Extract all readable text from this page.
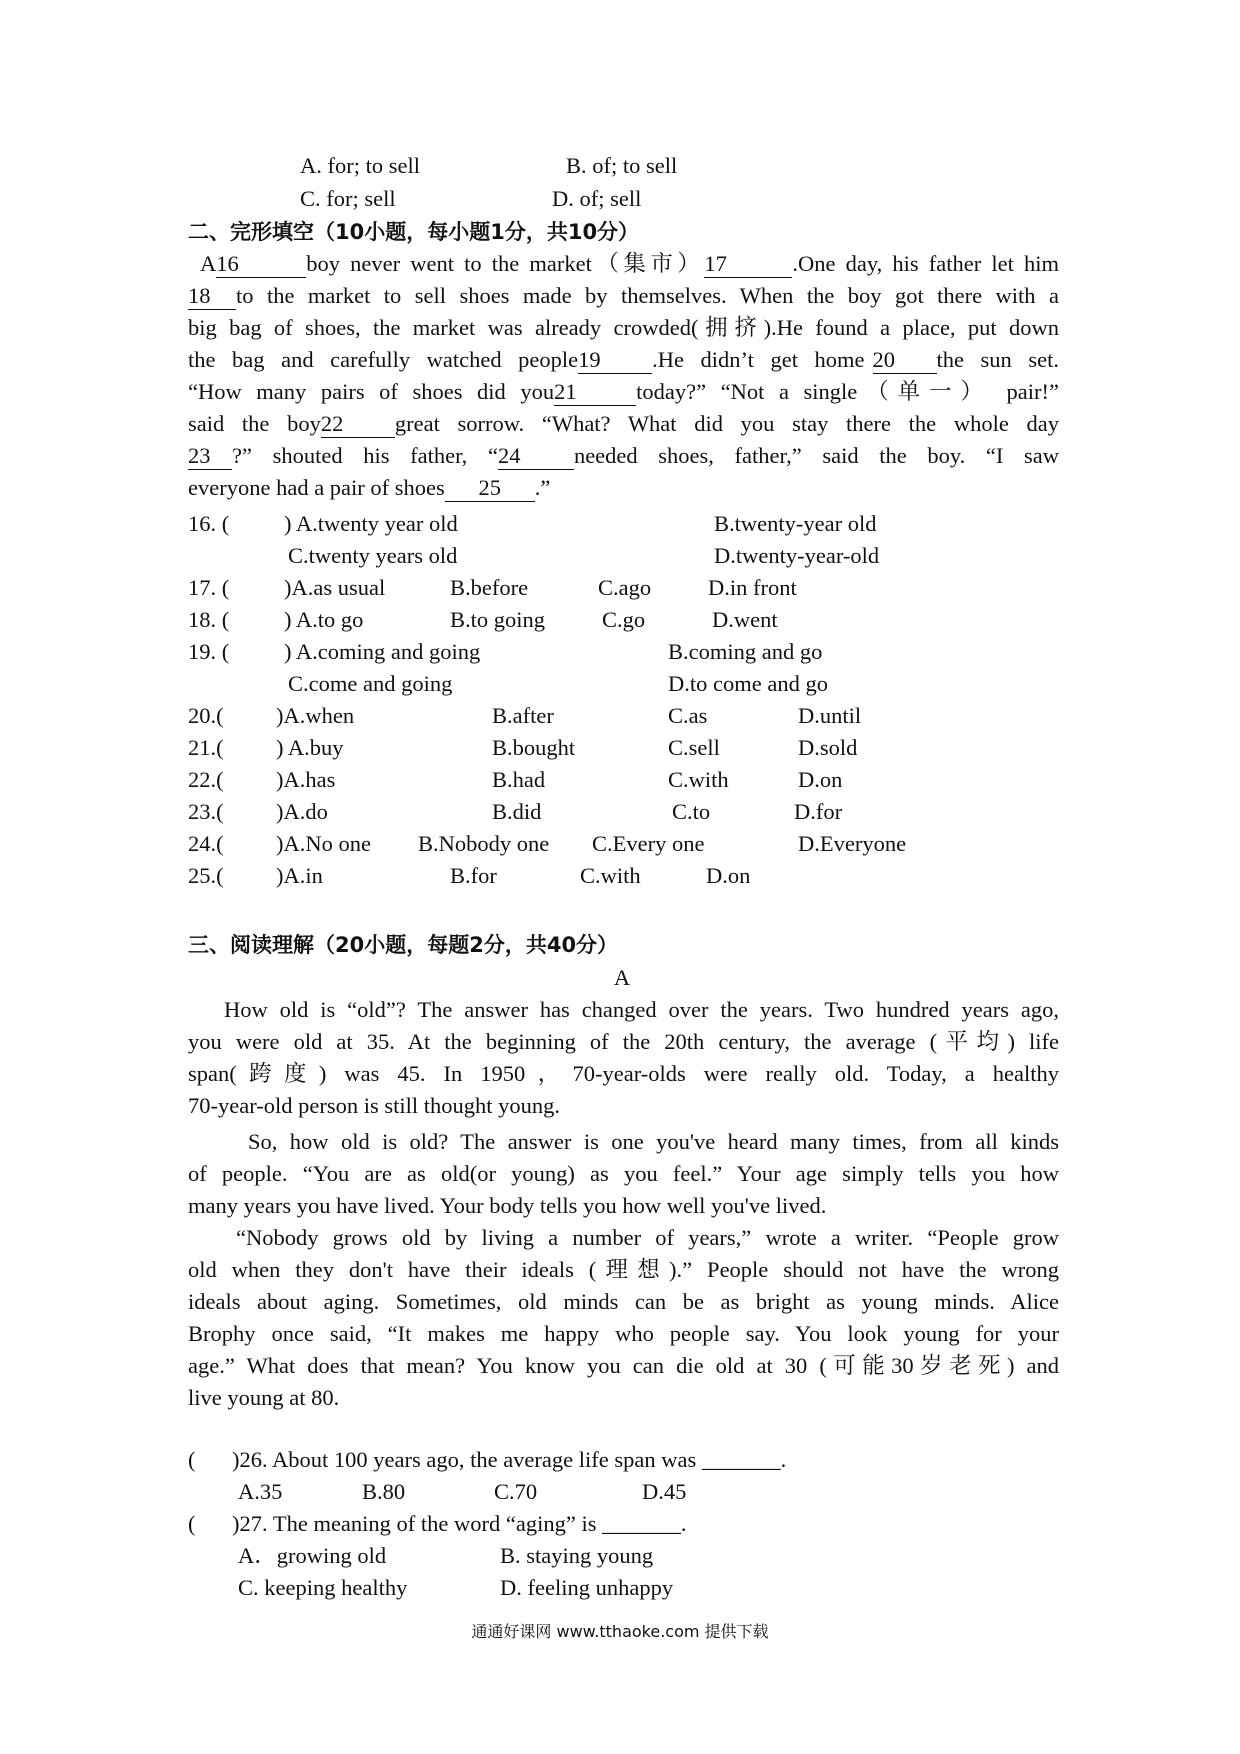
A. for; to sell	B. of; to sell
C. for; sell	D. of; sell
二、完形填空（10小题，每小题1分，共10分）
A16	boy never went to the market（集市）17	.One day, his father let him
18 to the market to sell shoes made by themselves. When the boy got there with a
big bag of shoes, the market was already crowded(拥挤).He found a place, put down
the bag and carefully watched people19 .He didn’t get home 20 the sun set.
“How many pairs of shoes did you21	today?” “Not a single（单一） pair!”
said the boy22 great sorrow. “What? What did you stay there the whole day
23 ?” shouted his father, “24 needed shoes, father,” said the boy. “I saw
everyone had a pair of shoes 25 .”
16. ( ) A.twenty year old	B.twenty-year old
C.twenty years old	D.twenty-year-old
17. ( )A.as usual	B.before	C.ago	D.in front
18. ( ) A.to go	B.to going	C.go	D.went
19. ( ) A.coming and going	B.coming and go
C.come and going	D.to come and go
20.( )A.when	B.after	C.as	D.until
21.( ) A.buy	B.bought	C.sell	D.sold
22.( )A.has	B.had	C.with	D.on
23.( )A.do	B.did	C.to	D.for
24.( )A.No one B.Nobody one C.Every one	D.Everyone
25.( )A.in	B.for	C.with	D.on
三、阅读理解（20小题，每题2分，共40分）
A
How old is “old”? The answer has changed over the years. Two hundred years ago,
you were old at 35. At the beginning of the 20th century, the average (平均) life
span(跨度) was 45. In 1950，70-year-olds were really old. Today, a healthy
70-year-old person is still thought young.
So, how old is old? The answer is one you've heard many times, from all kinds
of people. “You are as old(or young) as you feel.” Your age simply tells you how
many years you have lived. Your body tells you how well you've lived.
“Nobody grows old by living a number of years,” wrote a writer. “People grow
old when they don't have their ideals (理想).” People should not have the wrong
ideals about aging. Sometimes, old minds can be as bright as young minds. Alice
Brophy once said, “It makes me happy who people say. You look young for your
age.” What does that mean? You know you can die old at 30 (可能30岁老死) and
live young at 80.
( )26. About 100 years ago, the average life span was _______.
A.35	B.80	C.70	D.45
( )27. The meaning of the word “aging” is _______.
A．growing old	B. staying young
C. keeping healthy	D. feeling unhappy
通通好课网 www.tthaoke.com 提供下载
